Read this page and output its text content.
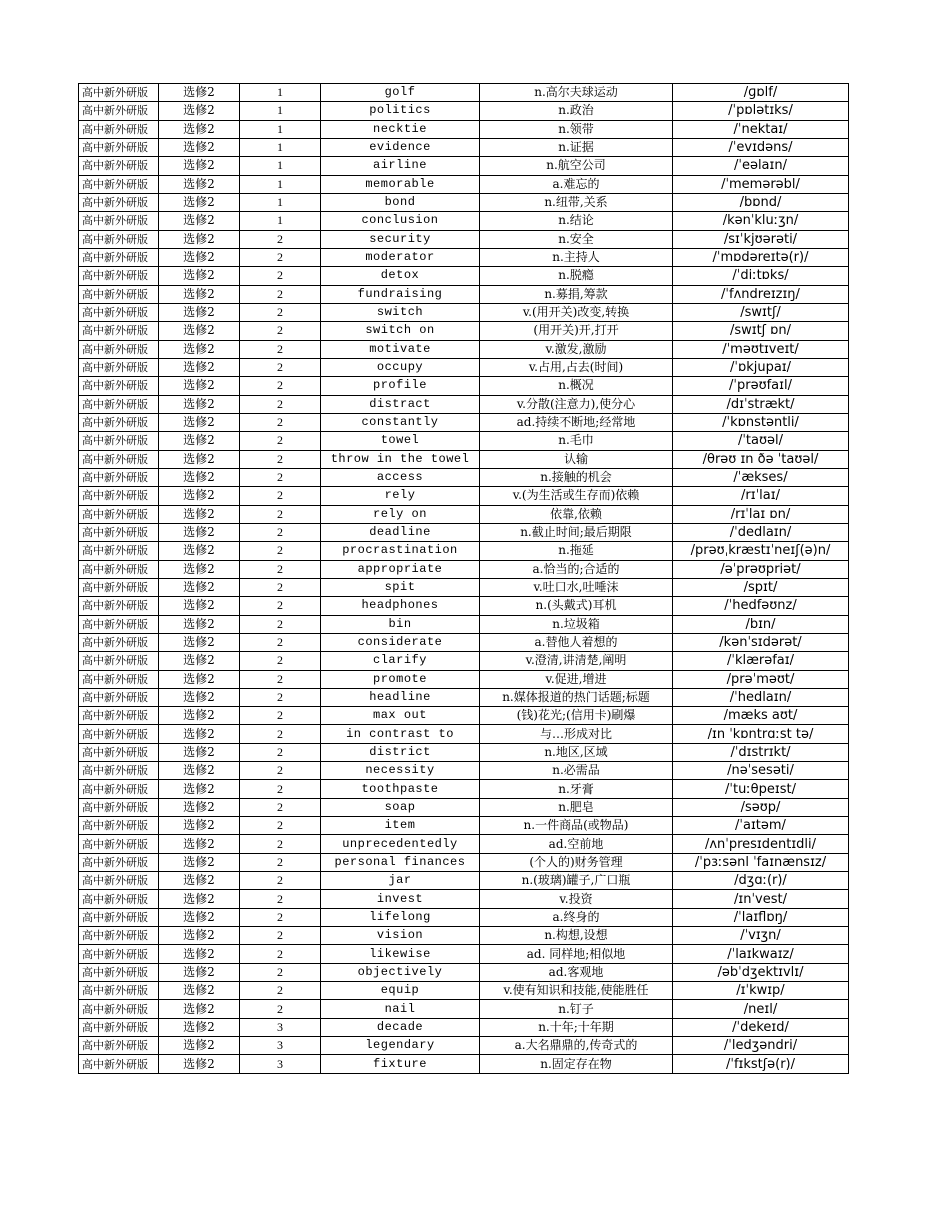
高中新外研版	选修2	1	golf	n.高尔夫球运动	/ɡɒlf/
高中新外研版	选修2	1	politics	n.政治	/ˈpɒlətɪks/
高中新外研版	选修2	1	necktie	n.领带	/ˈnektaɪ/
高中新外研版	选修2	1	evidence	n.证据	/ˈevɪdəns/
高中新外研版	选修2	1	airline	n.航空公司	/ˈeəlaɪn/
高中新外研版	选修2	1	memorable	a.难忘的	/ˈmemərəbl/
高中新外研版	选修2	1	bond	n.纽带,关系	/bɒnd/
高中新外研版	选修2	1	conclusion	n.结论	/kənˈkluːʒn/
高中新外研版	选修2	2	security	n.安全	/sɪˈkjʊərəti/
高中新外研版	选修2	2	moderator	n.主持人	/ˈmɒdəreɪtə(r)/
高中新外研版	选修2	2	detox	n.脱瘾	/ˈdiːtɒks/
高中新外研版	选修2	2	fundraising	n.募捐,筹款	/ˈfʌndreɪzɪŋ/
高中新外研版	选修2	2	switch	v.(用开关)改变,转换	/swɪtʃ/
高中新外研版	选修2	2	switch on	(用开关)开,打开	/swɪtʃ ɒn/
高中新外研版	选修2	2	motivate	v.激发,激励	/ˈməʊtɪveɪt/
高中新外研版	选修2	2	occupy	v.占用,占去(时间)	/ˈɒkjupaɪ/
高中新外研版	选修2	2	profile	n.概况	/ˈprəʊfaɪl/
高中新外研版	选修2	2	distract	v.分散(注意力),使分心	/dɪˈstrækt/
高中新外研版	选修2	2	constantly	ad.持续不断地;经常地	/ˈkɒnstəntli/
高中新外研版	选修2	2	towel	n.毛巾	/ˈtaʊəl/
高中新外研版	选修2	2	throw in the towel	认输	/θrəʊ ɪn ðə ˈtaʊəl/
高中新外研版	选修2	2	access	n.接触的机会	/ˈækses/
高中新外研版	选修2	2	rely	v.(为生活或生存而)依赖	/rɪˈlaɪ/
高中新外研版	选修2	2	rely on	依靠,依赖	/rɪˈlaɪ ɒn/
高中新外研版	选修2	2	deadline	n.截止时间;最后期限	/ˈdedlaɪn/
高中新外研版	选修2	2	procrastination	n.拖延	/prəʊˌkræstɪˈneɪʃ(ə)n/
高中新外研版	选修2	2	appropriate	a.恰当的;合适的	/əˈprəʊpriət/
高中新外研版	选修2	2	spit	v.吐口水,吐唾沫	/spɪt/
高中新外研版	选修2	2	headphones	n.(头戴式)耳机	/ˈhedfəʊnz/
高中新外研版	选修2	2	bin	n.垃圾箱	/bɪn/
高中新外研版	选修2	2	considerate	a.替他人着想的	/kənˈsɪdərət/
高中新外研版	选修2	2	clarify	v.澄清,讲清楚,阐明	/ˈklærəfaɪ/
高中新外研版	选修2	2	promote	v.促进,增进	/prəˈməʊt/
高中新外研版	选修2	2	headline	n.媒体报道的热门话题;标题	/ˈhedlaɪn/
高中新外研版	选修2	2	max out	(钱)花光;(信用卡)刷爆	/mæks aʊt/
高中新外研版	选修2	2	in contrast to	与…形成对比	/ɪn ˈkɒntrɑːst tə/
高中新外研版	选修2	2	district	n.地区,区域	/ˈdɪstrɪkt/
高中新外研版	选修2	2	necessity	n.必需品	/nəˈsesəti/
高中新外研版	选修2	2	toothpaste	n.牙膏	/ˈtuːθpeɪst/
高中新外研版	选修2	2	soap	n.肥皂	/səʊp/
高中新外研版	选修2	2	item	n.一件商品(或物品)	/ˈaɪtəm/
高中新外研版	选修2	2	unprecedentedly	ad.空前地	/ʌnˈpresɪdentɪdli/
高中新外研版	选修2	2	personal finances	(个人的)财务管理	/ˈpɜːsənl ˈfaɪnænsɪz/
高中新外研版	选修2	2	jar	n.(玻璃)罐子,广口瓶	/dʒɑː(r)/
高中新外研版	选修2	2	invest	v.投资	/ɪnˈvest/
高中新外研版	选修2	2	lifelong	a.终身的	/ˈlaɪflɒŋ/
高中新外研版	选修2	2	vision	n.构想,设想	/ˈvɪʒn/
高中新外研版	选修2	2	likewise	ad. 同样地;相似地	/ˈlaɪkwaɪz/
高中新外研版	选修2	2	objectively	ad.客观地	/əbˈdʒektɪvlɪ/
高中新外研版	选修2	2	equip	v.使有知识和技能,使能胜任	/ɪˈkwɪp/
高中新外研版	选修2	2	nail	n.钉子	/neɪl/
高中新外研版	选修2	3	decade	n.十年;十年期	/ˈdekeɪd/
高中新外研版	选修2	3	legendary	a.大名鼎鼎的,传奇式的	/ˈledʒəndri/
高中新外研版	选修2	3	fixture	n.固定存在物	/ˈfɪkstʃə(r)/
